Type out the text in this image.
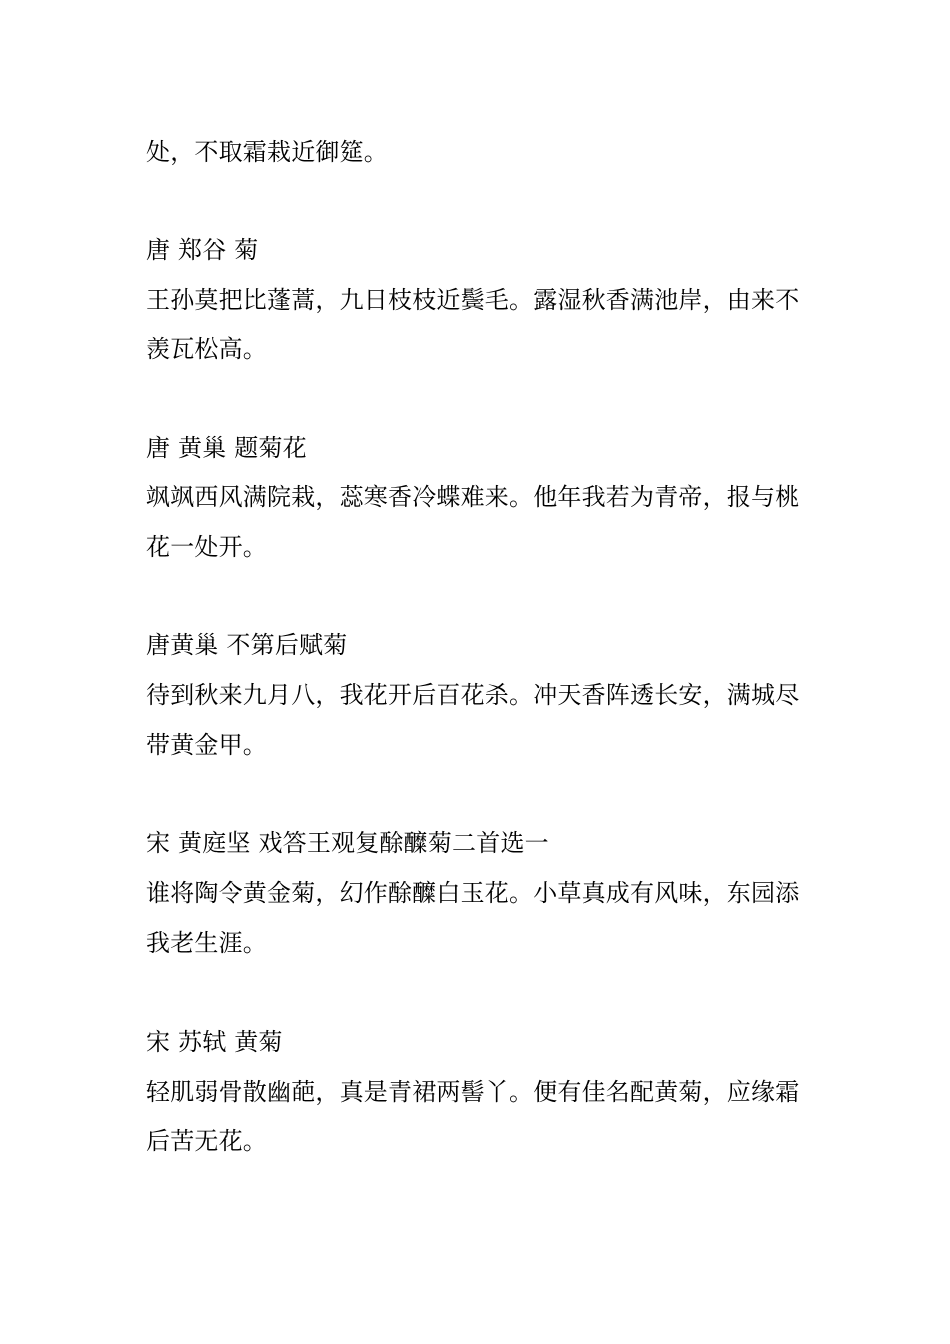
处，不取霜栽近御筵。
唐 郑谷 菊
王孙莫把比蓬蒿，九日枝枝近鬓毛。露湿秋香满池岸，由来不
羡瓦松高。
唐 黄巢 题菊花
飒飒西风满院栽，蕊寒香冷蝶难来。他年我若为青帝，报与桃
花一处开。
唐黄巢 不第后赋菊
待到秋来九月八，我花开后百花杀。冲天香阵透长安，满城尽
带黄金甲。
宋 黄庭坚 戏答王观复酴醾菊二首选一
谁将陶令黄金菊，幻作酴醾白玉花。小草真成有风味，东园添
我老生涯。
宋 苏轼 黄菊
轻肌弱骨散幽葩，真是青裙两髻丫。便有佳名配黄菊，应缘霜
后苦无花。
